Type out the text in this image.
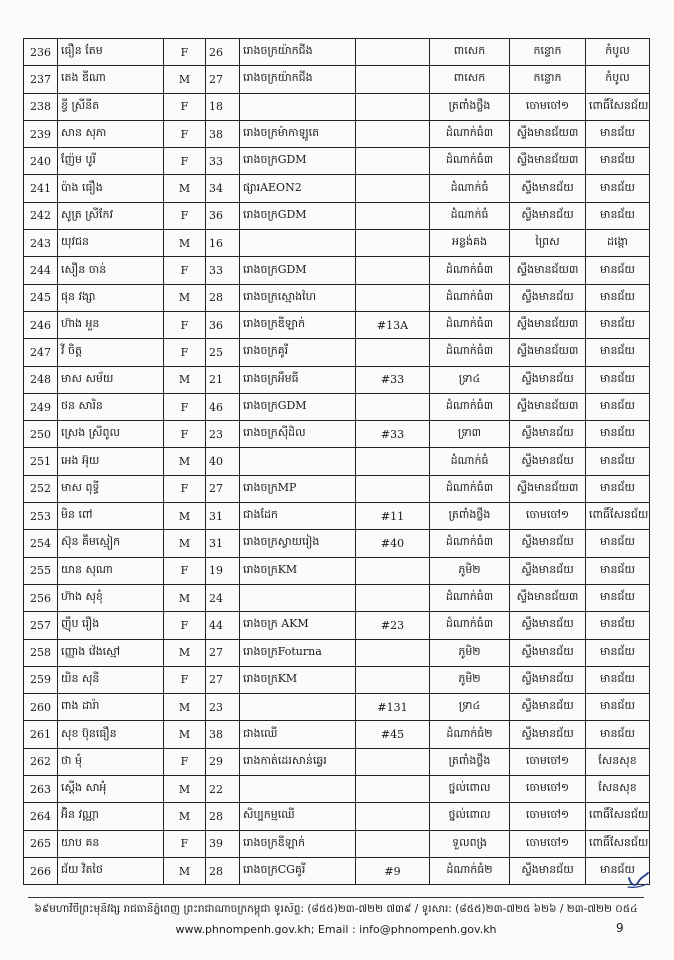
236	ធឿន តែម	F	26	រោងចក្រយ៉ាកជីង		ពាសេក	កន្ទោក	កំបូល
237	តេង ឌីណា	M	27	រោងចក្រយ៉ាកជីង		ពាសេក	កន្ទោក	កំបូល
238	ខ្វី ស្រីនីត	F	18			ត្រពាំងថ្លឹង	ចោមចៅ១	ពោធិ៍សែនជ័យ
239	សាន សុភា	F	38	រោងចក្រម៉ាកាឡូតេ		ដំណាក់ធំ៣	ស្ទឹងមានជ័យ៣	មានជ័យ
240	ញ៉ែម បូរី	F	33	រោងចក្រGDM		ដំណាក់ធំ៣	ស្ទឹងមានជ័យ៣	មានជ័យ
241	ប៉ាង ធឿង	M	34	ផ្សារAEON2		ដំណាក់ធំ	ស្ទឹងមានជ័យ	មានជ័យ
242	សូត្រ ស្រីកែវ	F	36	រោងចក្រGDM		ដំណាក់ធំ	ស្ទឹងមានជ័យ	មានជ័យ
243	យុវជន	M	16			អន្លង់គង	ព្រៃស	ដង្កោ
244	សឿន ចាន់	F	33	រោងចក្រGDM		ដំណាក់ធំ៣	ស្ទឹងមានជ័យ៣	មានជ័យ
245	ផុន វង្សា	M	28	រោងចក្រស្មោងហៃ		ដំណាក់ធំ៣	ស្ទឹងមានជ័យ	មានជ័យ
246	ហ៊ាង អួន	F	36	រោងចក្រឌីឡាក់	#13A	ដំណាក់ធំ៣	ស្ទឹងមានជ័យ៣	មានជ័យ
247	វី ចិត្ត	F	25	រោងចក្រគូរី		ដំណាក់ធំ៣	ស្ទឹងមានជ័យ៣	មានជ័យ
248	មាស សម័យ	M	21	រោងចក្រអឹមធី	#33	ទ្រា៤	ស្ទឹងមានជ័យ	មានជ័យ
249	ថន សារិន	F	46	រោងចក្រGDM		ដំណាក់ធំ៣	ស្ទឹងមានជ័យ៣	មានជ័យ
250	ស្រេង ស្រីពូល	F	23	រោងចក្រស៊ីដិល	#33	ទ្រា៣	ស្ទឹងមានជ័យ	មានជ័យ
251	អេង អ៊ុយ	M	40			ដំណាក់ធំ	ស្ទឹងមានជ័យ	មានជ័យ
252	មាស ពុទ្ធី	F	27	រោងចក្រMP		ដំណាក់ធំ៣	ស្ទឹងមានជ័យ៣	មានជ័យ
253	មិន ពៅ	M	31	ជាងដែក	#11	ត្រពាំងថ្លឹង	ចោមចៅ១	ពោធិ៍សែនជ័យ
254	ស៊ុន គឹមស្មៀក	M	31	រោងចក្រស្វាយរៀង	#40	ដំណាក់ធំ៣	ស្ទឹងមានជ័យ	មានជ័យ
255	យាន សុណា	F	19	រោងចក្រKM		ភូមិ២	ស្ទឹងមានជ័យ	មានជ័យ
256	ហ៊ាង សុខុំ	M	24			ដំណាក់ធំ៣	ស្ទឹងមានជ័យ៣	មានជ័យ
257	ញ៉ឹប រឿង	F	44	រោងចក្រ AKM	#23	ដំណាក់ធំ៣	ស្ទឹងមានជ័យ	មានជ័យ
258	ញ្ញោង វ៉េងស្មៅ	M	27	រោងចក្រFoturna		ភូមិ២	ស្ទឹងមានជ័យ	មានជ័យ
259	យិន សុនី	F	27	រោងចក្រKM		ភូមិ២	ស្ទឹងមានជ័យ	មានជ័យ
260	ពាង ដារ៉ា	M	23		#131	ទ្រា៤	ស្ទឹងមានជ័យ	មានជ័យ
261	សុខ ប៊ុនធឿន	M	38	ជាងឈើ	#45	ដំណាក់ធំ២	ស្ទឹងមានជ័យ	មានជ័យ
262	ថា មុំ	F	29	រោងកាត់ដេរសាន់ឆ្វេរ		ត្រពាំងថ្លឹង	ចោមចៅ១	សែនសុខ
263	ស្តើង សាអុំ	M	22			ថ្នល់ពោល	ចោមចៅ១	សែនសុខ
264	អ៊ិន វណ្ណា	M	28	សិប្បកម្មឈើ		ថ្នល់ពោល	ចោមចៅ១	ពោធិ៍សែនជ័យ
265	យាប គន	F	39	រោងចក្រឌីឡាក់		ទួលពង្រ	ចោមចៅ១	ពោធិ៍សែនជ័យ
266	ជ័យ វិតថៃ	M	28	រោងចក្រCGគូរី	#9	ដំណាក់ធំ២	ស្ទឹងមានជ័យ	មានជ័យ
៦៩មហាវិថីព្រះមុនីវង្ស រាជធានីភ្នំពេញ ព្រះរាជាណាចក្រកម្ពុជា ទូរស័ព្ទ: (៨៥៥)២៣-៧២២ ៧៣៩ / ទូរសារ: (៨៥៥)២៣-៧២៥ ៦២៦ / ២៣-៧២២ ០៥៤
www.phnompenh.gov.kh; Email : info@phnompenh.gov.kh	9
